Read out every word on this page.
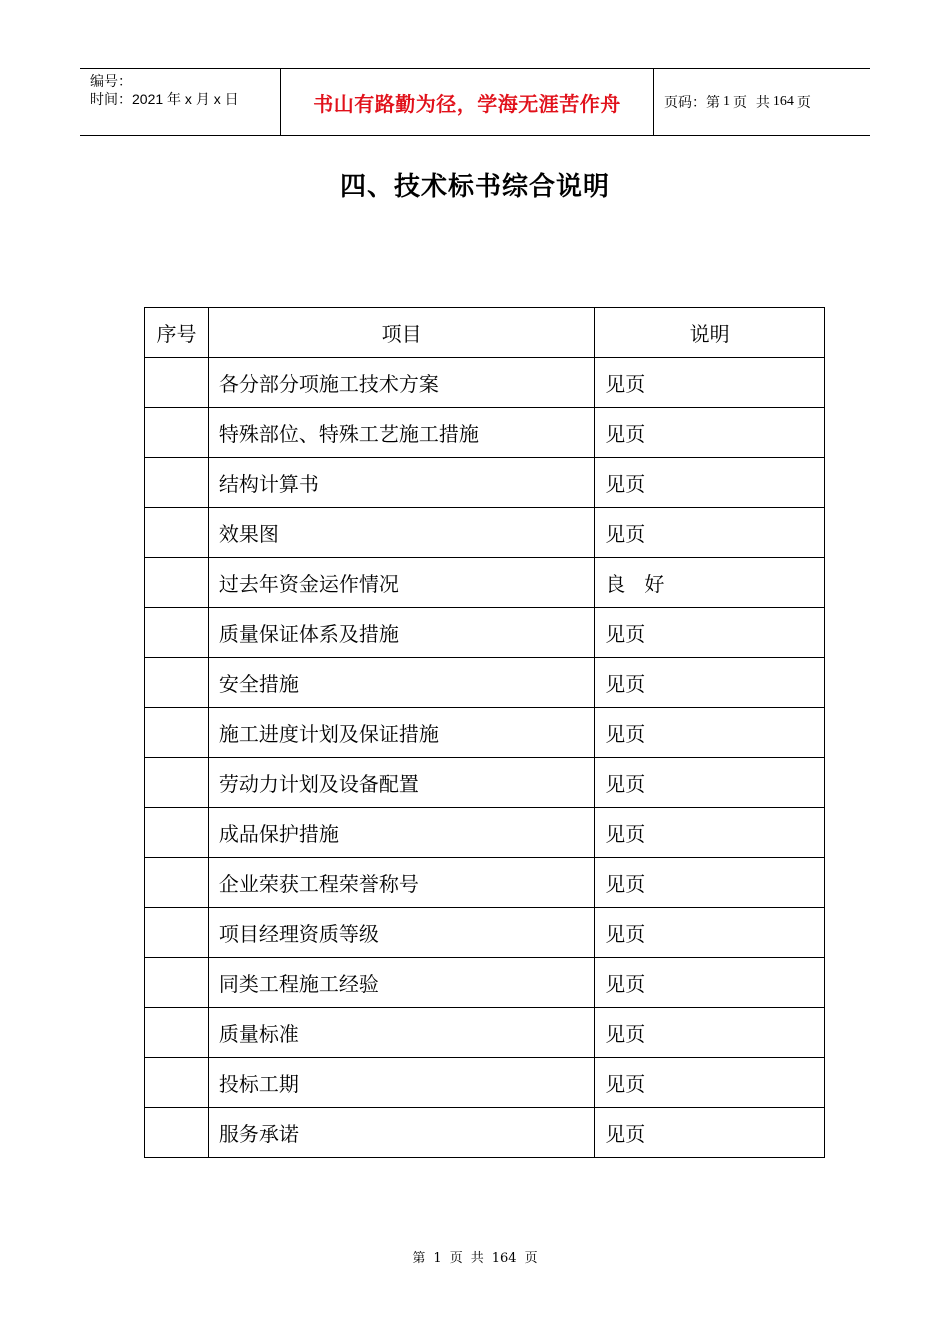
编号：
时间：2021 年 x 月 x 日	书山有路勤为径，学海无涯苦作舟	页码：第 1 页  共 164 页
四、技术标书综合说明
序号	项目	说明
	各分部分项施工技术方案	见页
	特殊部位、特殊工艺施工措施	见页
	结构计算书	见页
	效果图	见页
	过去年资金运作情况	良   好
	质量保证体系及措施	见页
	安全措施	见页
	施工进度计划及保证措施	见页
	劳动力计划及设备配置	见页
	成品保护措施	见页
	企业荣获工程荣誉称号	见页
	项目经理资质等级	见页
	同类工程施工经验	见页
	质量标准	见页
	投标工期	见页
	服务承诺	见页
第 1 页 共 164 页
